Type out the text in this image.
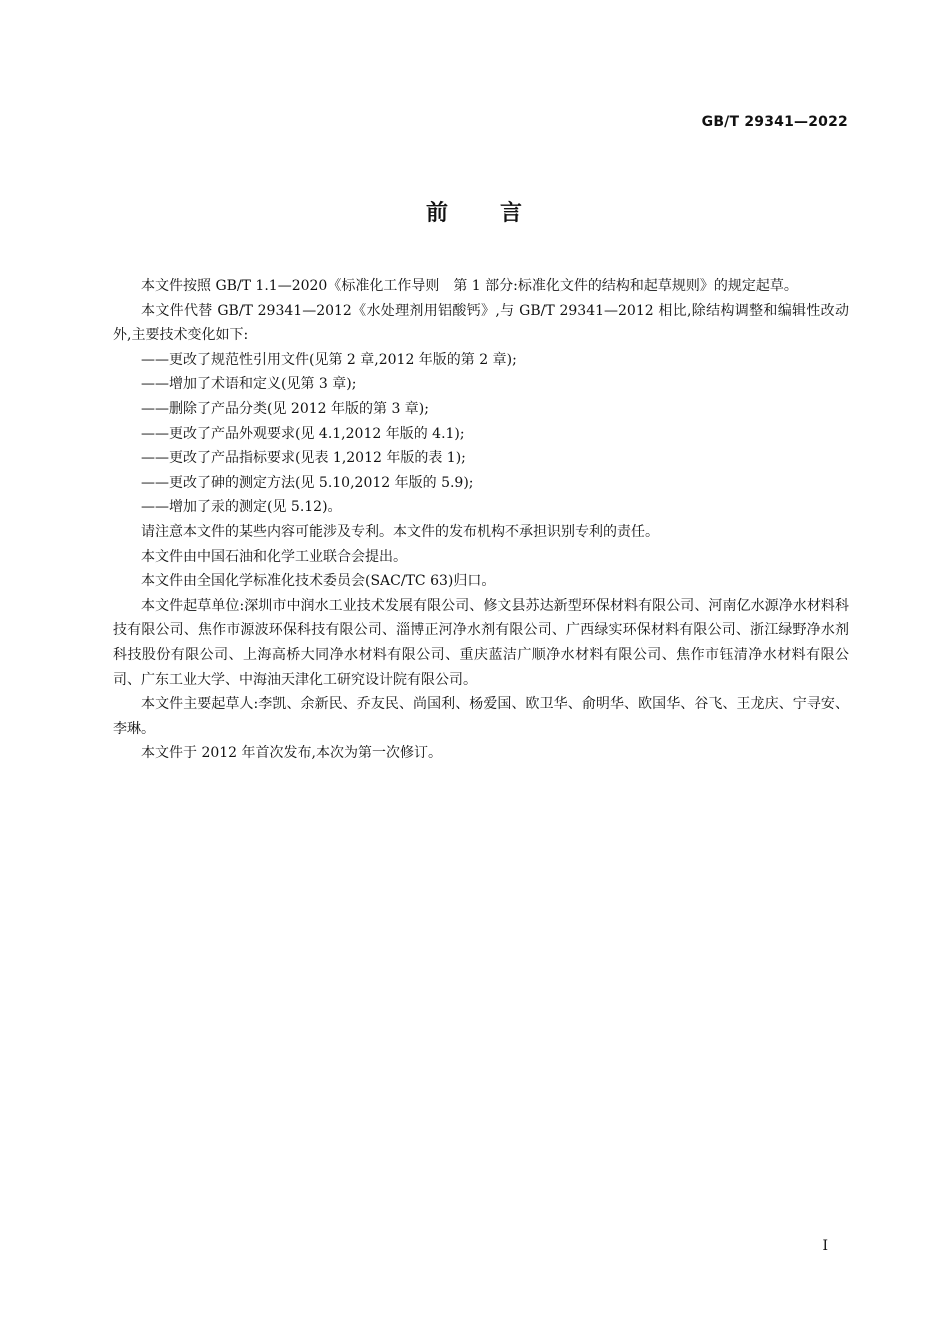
GB/T 29341—2022
前 言

本文件按照 GB/T 1.1—2020《标准化工作导则　第 1 部分:标准化文件的结构和起草规则》的规定起草。

本文件代替 GB/T 29341—2012《水处理剂用铝酸钙》,与 GB/T 29341—2012 相比,除结构调整和编辑性改动外,主要技术变化如下:

——更改了规范性引用文件(见第 2 章,2012 年版的第 2 章);

——增加了术语和定义(见第 3 章);

——删除了产品分类(见 2012 年版的第 3 章);

——更改了产品外观要求(见 4.1,2012 年版的 4.1);

——更改了产品指标要求(见表 1,2012 年版的表 1);

——更改了砷的测定方法(见 5.10,2012 年版的 5.9);

——增加了汞的测定(见 5.12)。

请注意本文件的某些内容可能涉及专利。本文件的发布机构不承担识别专利的责任。

本文件由中国石油和化学工业联合会提出。

本文件由全国化学标准化技术委员会(SAC/TC 63)归口。

本文件起草单位:深圳市中润水工业技术发展有限公司、修文县苏达新型环保材料有限公司、河南亿水源净水材料科技有限公司、焦作市源波环保科技有限公司、淄博正河净水剂有限公司、广西绿实环保材料有限公司、浙江绿野净水剂科技股份有限公司、上海高桥大同净水材料有限公司、重庆蓝洁广顺净水材料有限公司、焦作市钰清净水材料有限公司、广东工业大学、中海油天津化工研究设计院有限公司。

本文件主要起草人:李凯、余新民、乔友民、尚国利、杨爱国、欧卫华、俞明华、欧国华、谷飞、王龙庆、宁寻安、李琳。

本文件于 2012 年首次发布,本次为第一次修订。

I
